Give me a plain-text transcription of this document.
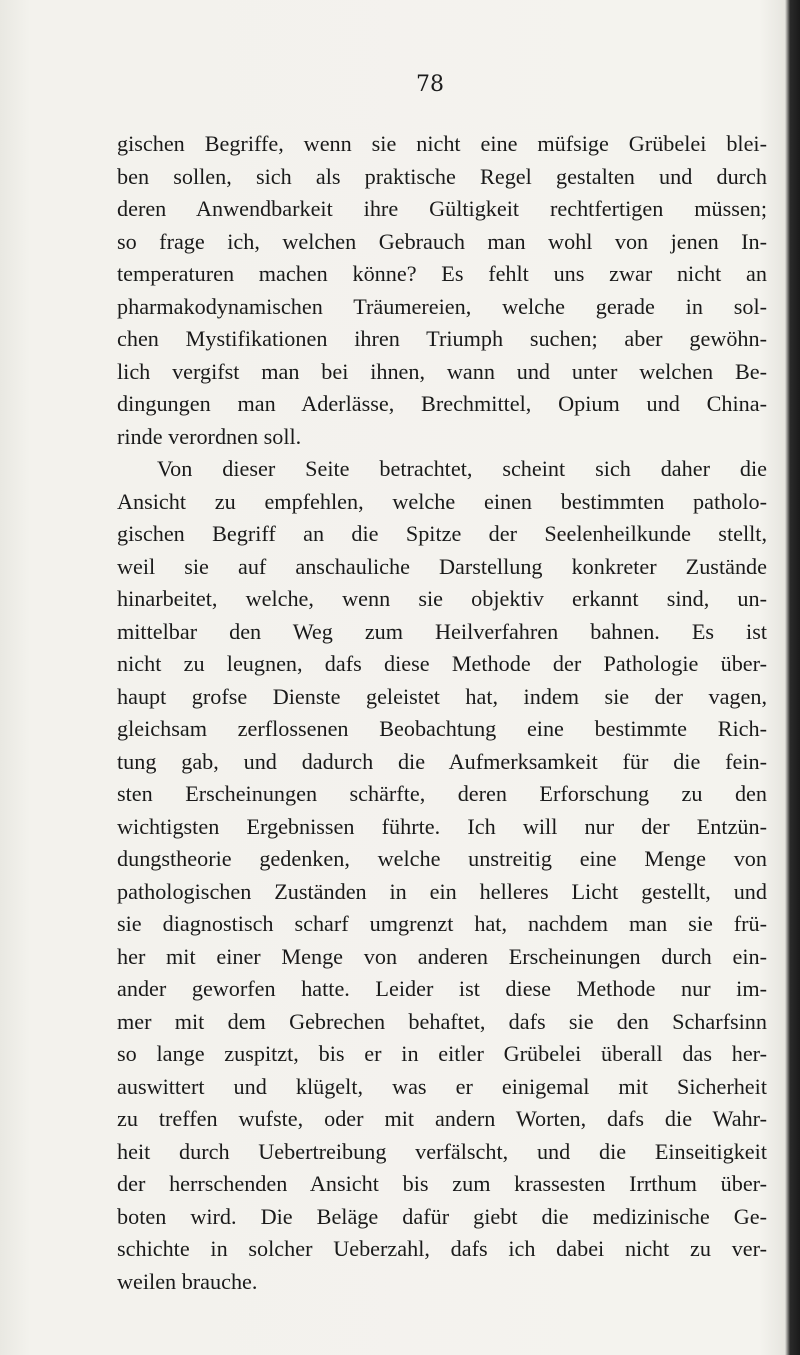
78
gischen Begriffe, wenn sie nicht eine müfsige Grübelei blei-
ben sollen, sich als praktische Regel gestalten und durch
deren Anwendbarkeit ihre Gültigkeit rechtfertigen müssen;
so frage ich, welchen Gebrauch man wohl von jenen In-
temperaturen machen könne? Es fehlt uns zwar nicht an
pharmakodynamischen Träumereien, welche gerade in sol-
chen Mystifikationen ihren Triumph suchen; aber gewöhn-
lich vergifst man bei ihnen, wann und unter welchen Be-
dingungen man Aderlässe, Brechmittel, Opium und China-
rinde verordnen soll.
Von dieser Seite betrachtet, scheint sich daher die
Ansicht zu empfehlen, welche einen bestimmten patholo-
gischen Begriff an die Spitze der Seelenheilkunde stellt,
weil sie auf anschauliche Darstellung konkreter Zustände
hinarbeitet, welche, wenn sie objektiv erkannt sind, un-
mittelbar den Weg zum Heilverfahren bahnen. Es ist
nicht zu leugnen, dafs diese Methode der Pathologie über-
haupt grofse Dienste geleistet hat, indem sie der vagen,
gleichsam zerflossenen Beobachtung eine bestimmte Rich-
tung gab, und dadurch die Aufmerksamkeit für die fein-
sten Erscheinungen schärfte, deren Erforschung zu den
wichtigsten Ergebnissen führte. Ich will nur der Entzün-
dungstheorie gedenken, welche unstreitig eine Menge von
pathologischen Zuständen in ein helleres Licht gestellt, und
sie diagnostisch scharf umgrenzt hat, nachdem man sie frü-
her mit einer Menge von anderen Erscheinungen durch ein-
ander geworfen hatte. Leider ist diese Methode nur im-
mer mit dem Gebrechen behaftet, dafs sie den Scharfsinn
so lange zuspitzt, bis er in eitler Grübelei überall das her-
auswittert und klügelt, was er einigemal mit Sicherheit
zu treffen wufste, oder mit andern Worten, dafs die Wahr-
heit durch Uebertreibung verfälscht, und die Einseitigkeit
der herrschenden Ansicht bis zum krassesten Irrthum über-
boten wird. Die Beläge dafür giebt die medizinische Ge-
schichte in solcher Ueberzahl, dafs ich dabei nicht zu ver-
weilen brauche.
